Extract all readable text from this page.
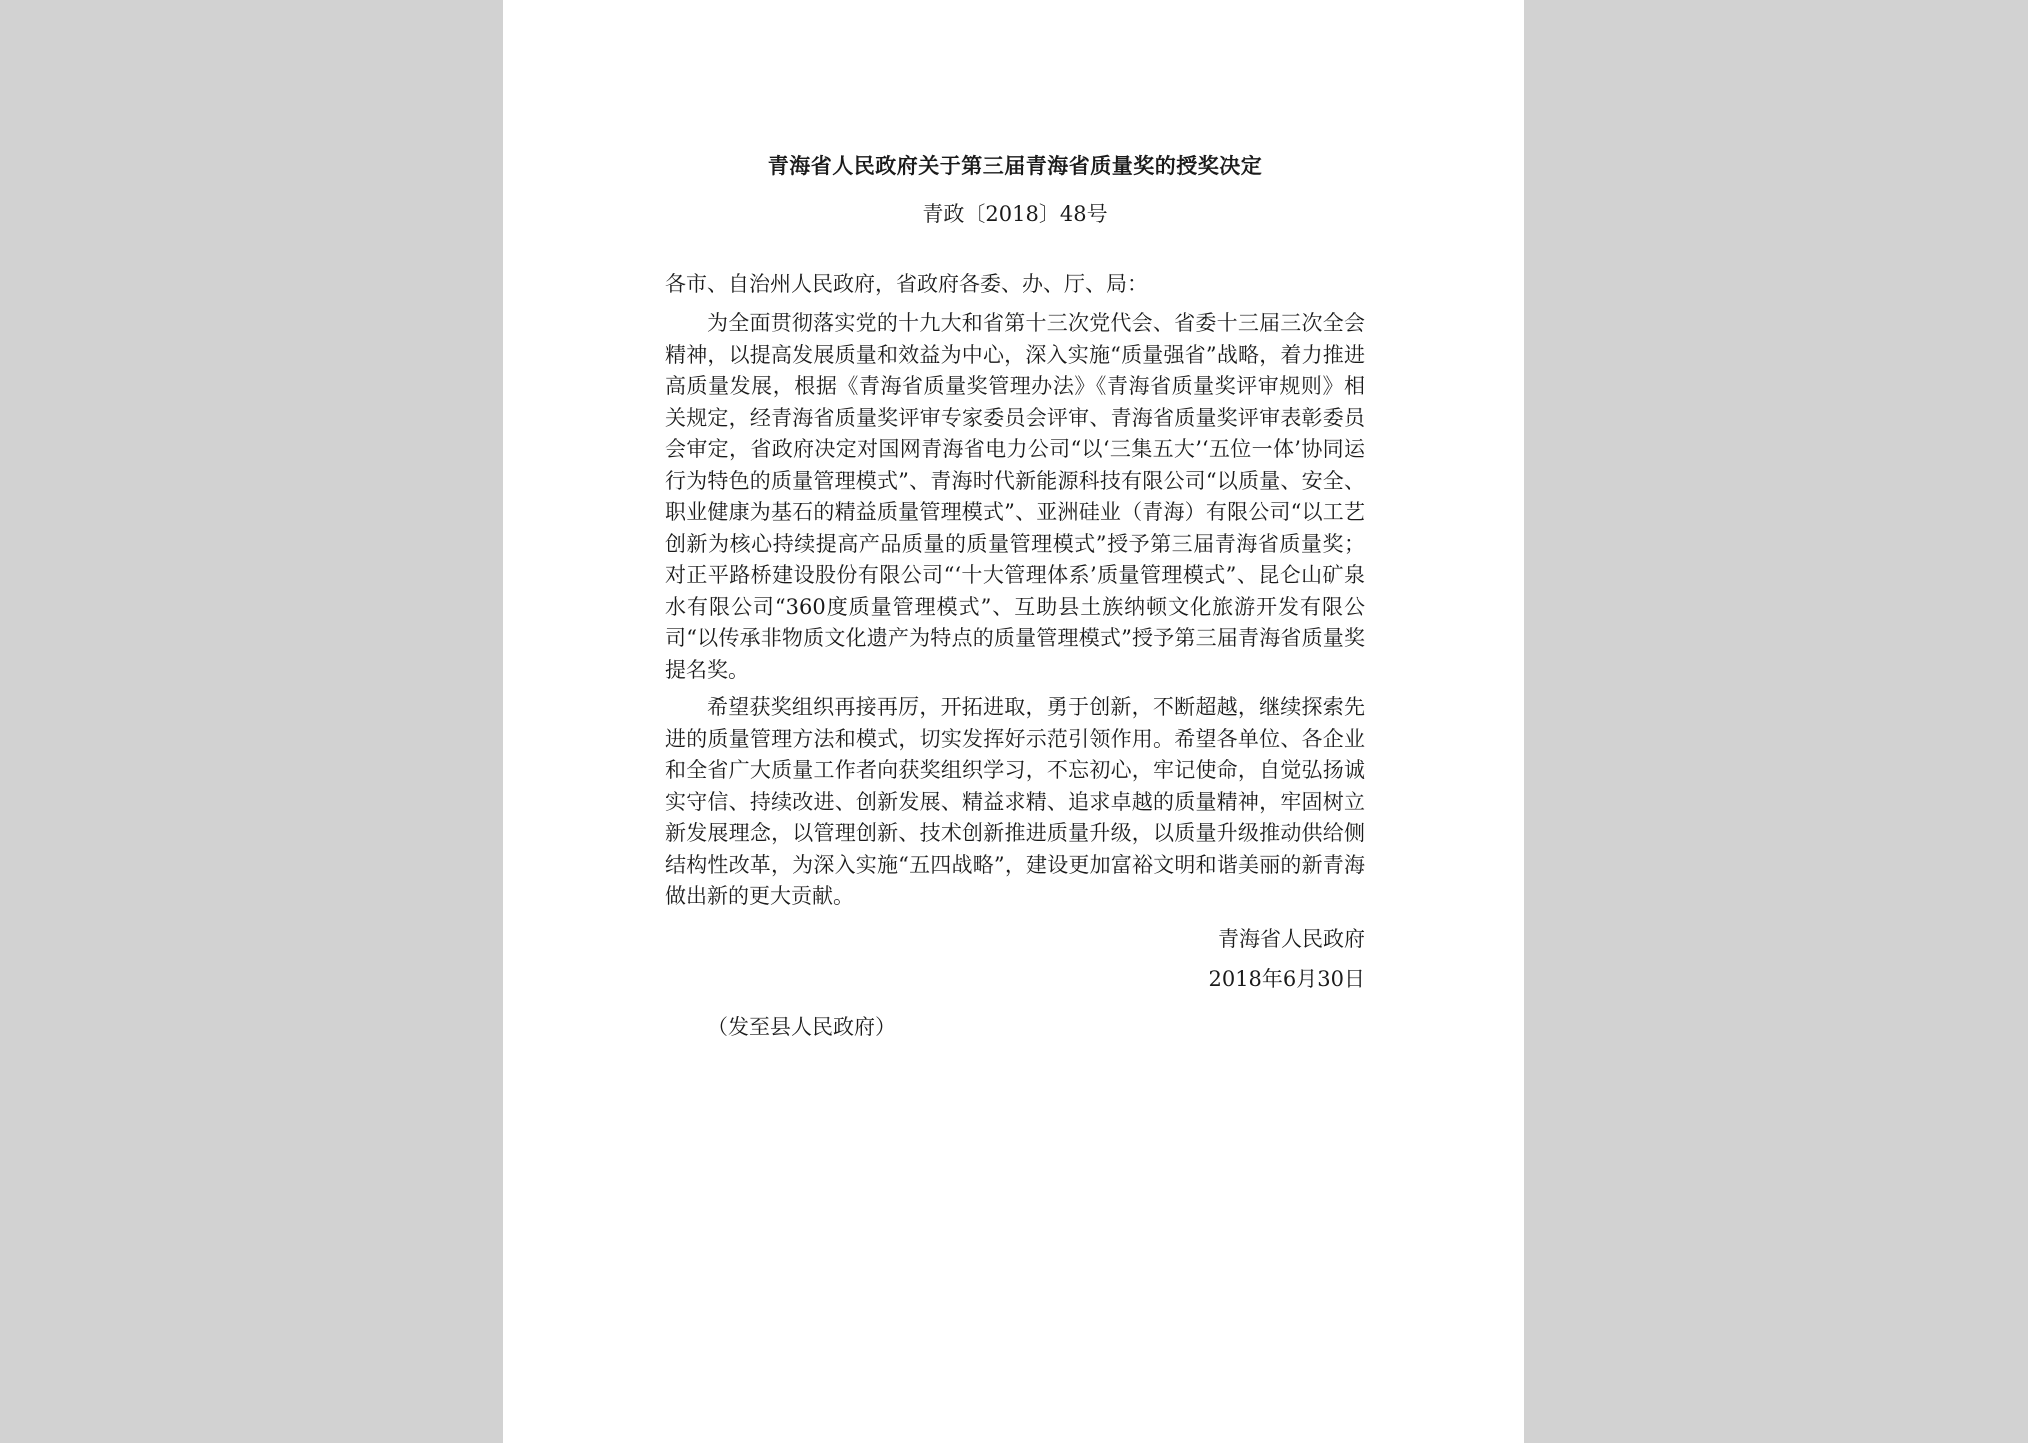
青海省人民政府关于第三届青海省质量奖的授奖决定

青政〔2018〕48号

各市、自治州人民政府，省政府各委、办、厅、局：

为全面贯彻落实党的十九大和省第十三次党代会、省委十三届三次全会精神，以提高发展质量和效益为中心，深入实施“质量强省”战略，着力推进高质量发展，根据《青海省质量奖管理办法》《青海省质量奖评审规则》相关规定，经青海省质量奖评审专家委员会评审、青海省质量奖评审表彰委员会审定，省政府决定对国网青海省电力公司“以‘三集五大’‘五位一体’协同运行为特色的质量管理模式”、青海时代新能源科技有限公司“以质量、安全、职业健康为基石的精益质量管理模式”、亚洲硅业（青海）有限公司“以工艺创新为核心持续提高产品质量的质量管理模式”授予第三届青海省质量奖；对正平路桥建设股份有限公司“‘十大管理体系’质量管理模式”、昆仑山矿泉水有限公司“360度质量管理模式”、互助县土族纳顿文化旅游开发有限公司“以传承非物质文化遗产为特点的质量管理模式”授予第三届青海省质量奖提名奖。

希望获奖组织再接再厉，开拓进取，勇于创新，不断超越，继续探索先进的质量管理方法和模式，切实发挥好示范引领作用。希望各单位、各企业和全省广大质量工作者向获奖组织学习，不忘初心，牢记使命，自觉弘扬诚实守信、持续改进、创新发展、精益求精、追求卓越的质量精神，牢固树立新发展理念，以管理创新、技术创新推进质量升级，以质量升级推动供给侧结构性改革，为深入实施“五四战略”，建设更加富裕文明和谐美丽的新青海做出新的更大贡献。

青海省人民政府

2018年6月30日

（发至县人民政府）
